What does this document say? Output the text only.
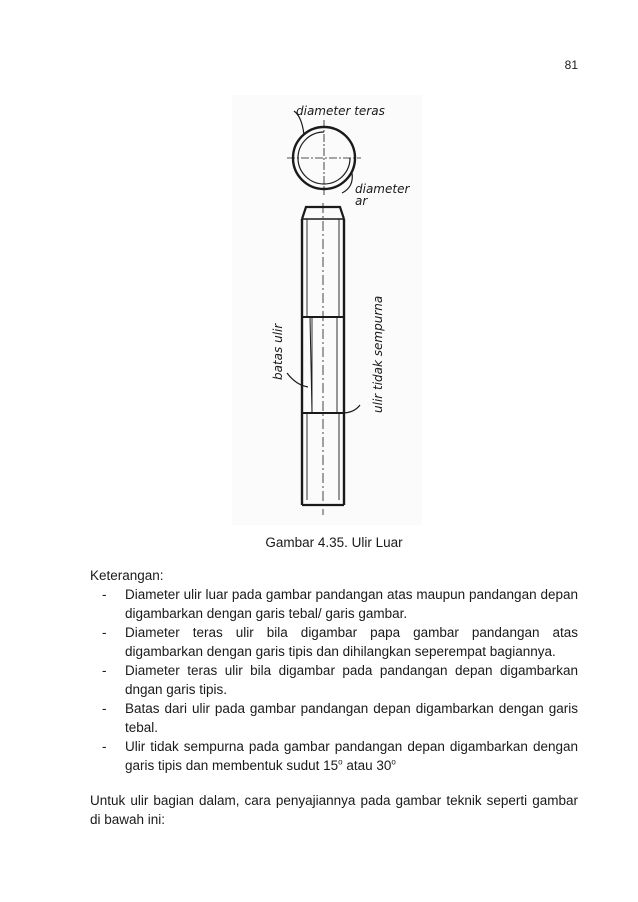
81
diameter teras
diameter
ar
batas ulir	ulir tidak sempurna
Gambar 4.35. Ulir Luar
Keterangan:
- Diameter ulir luar pada gambar pandangan atas maupun pandangan depan digambarkan dengan garis tebal/ garis gambar.
- Diameter teras ulir bila digambar papa gambar pandangan atas digambarkan dengan garis tipis dan dihilangkan seperempat bagiannya.
- Diameter teras ulir bila digambar pada pandangan depan digambarkan dngan garis tipis.
- Batas dari ulir pada gambar pandangan depan digambarkan dengan garis tebal.
- Ulir tidak sempurna pada gambar pandangan depan digambarkan dengan garis tipis dan membentuk sudut 15$^o$ atau 30$^o$
Untuk ulir bagian dalam, cara penyajiannya pada gambar teknik seperti gambar di bawah ini:
